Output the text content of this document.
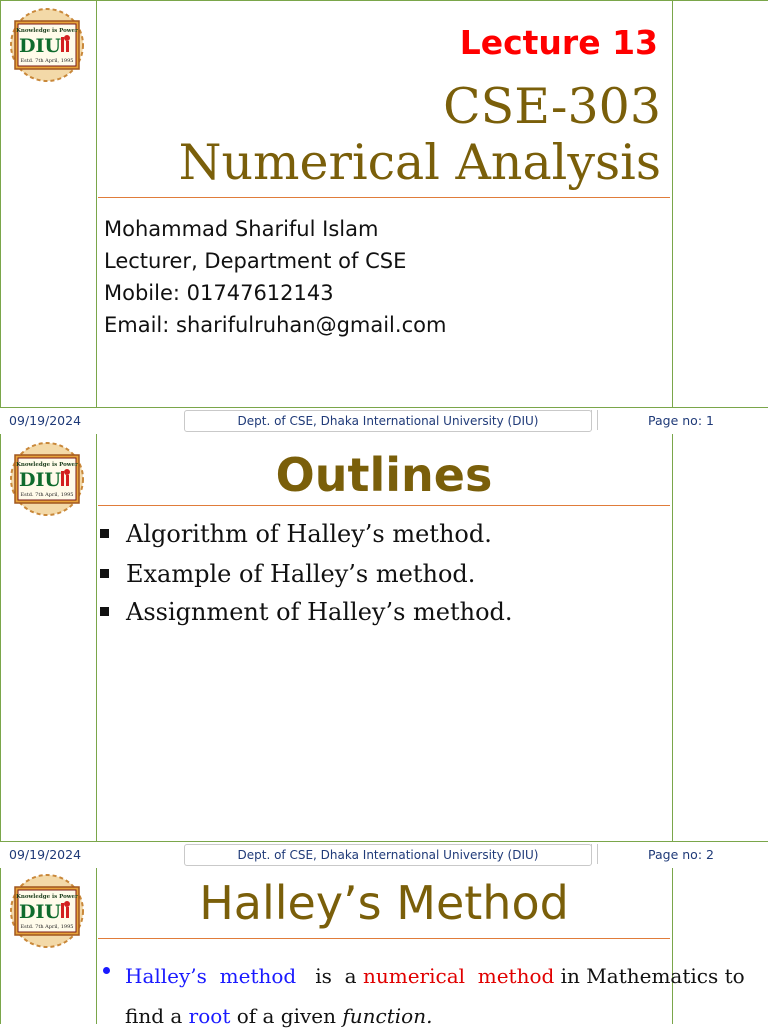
Lecture 13
CSE-303
Numerical Analysis
Mohammad Shariful Islam
Lecturer, Department of CSE
Mobile: 01747612143
Email: sharifulruhan@gmail.com
09/19/2024	Dept. of CSE, Dhaka International University (DIU)	Page no: 1
Outlines
Algorithm of Halley’s method.
Example of Halley’s method.
Assignment of Halley’s method.
09/19/2024	Dept. of CSE, Dhaka International University (DIU)	Page no: 2
Halley’s Method
Halley’s method is a numerical method in Mathematics to
find a root of a given function.
